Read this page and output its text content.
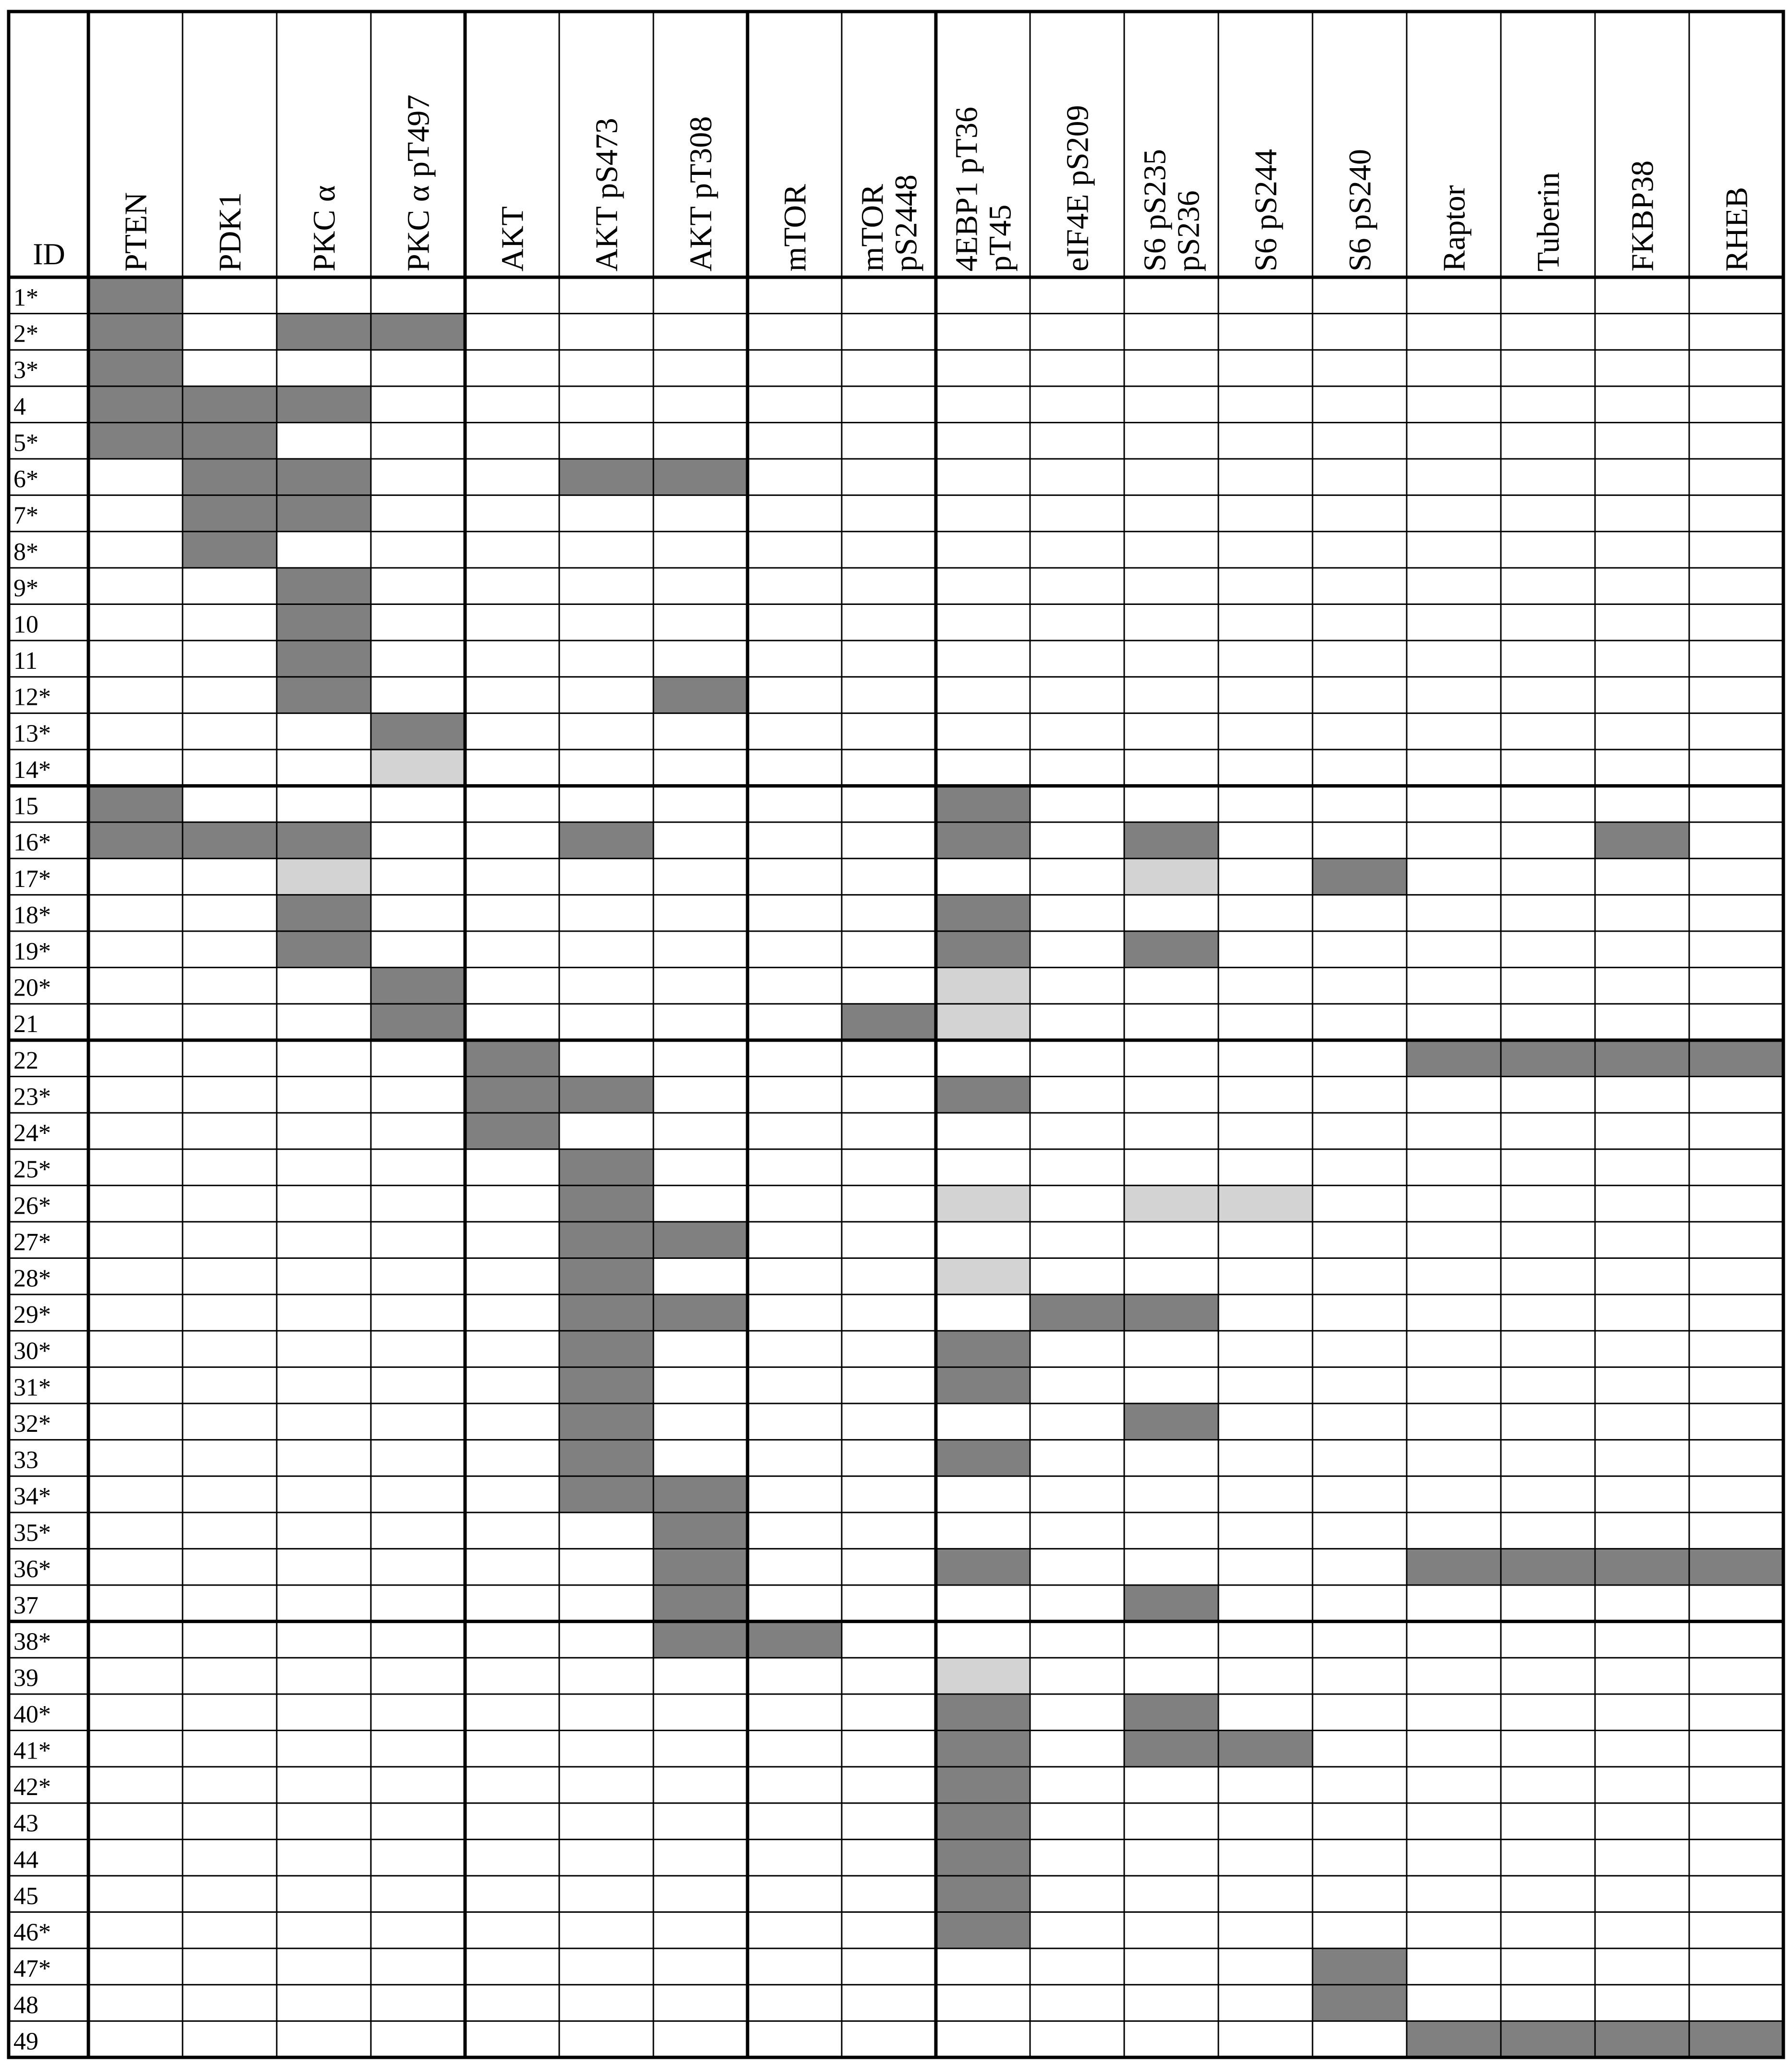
ID PTEN PDK1 PKC α PKC α pT497 AKT AKT pS473 AKT pT308 mTOR mTOR
pS2448 4EBP1 pT36
pT45 eIF4E pS209 S6 pS235
pS236 S6 pS244 S6 pS240 Raptor Tuberin FKBP38 RHEB
1*
2*
3*
4
5*
6*
7*
8*
9*
10
11
12*
13*
14*
15
16*
17*
18*
19*
20*
21
22
23*
24*
25*
26*
27*
28*
29*
30*
31*
32*
33
34*
35*
36*
37
38*
39
40*
41*
42*
43
44
45
46*
47*
48
49
